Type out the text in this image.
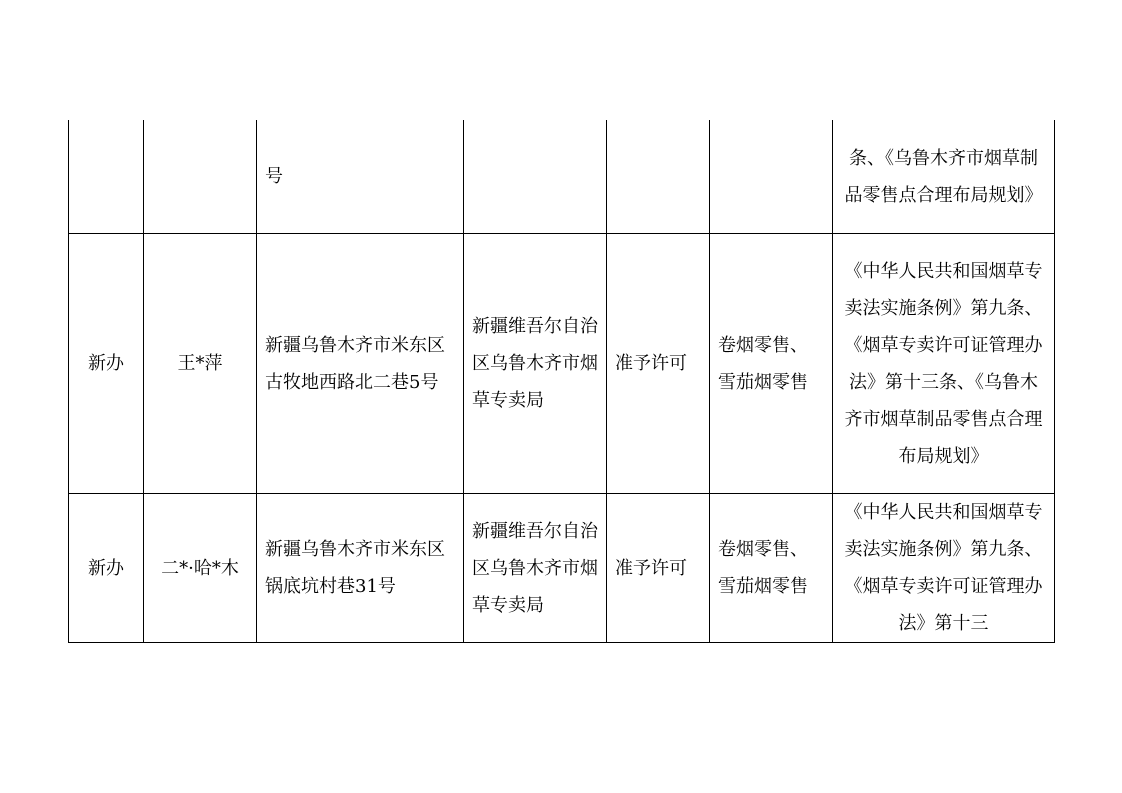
		号				条、《乌鲁木齐市烟草制品零售点合理布局规划》
新办	王*萍	新疆乌鲁木齐市米东区古牧地西路北二巷5号	新疆维吾尔自治区乌鲁木齐市烟草专卖局	准予许可	卷烟零售、雪茄烟零售	《中华人民共和国烟草专卖法实施条例》第九条、《烟草专卖许可证管理办法》第十三条、《乌鲁木齐市烟草制品零售点合理布局规划》
新办	二*·哈*木	新疆乌鲁木齐市米东区锅底坑村巷31号	新疆维吾尔自治区乌鲁木齐市烟草专卖局	准予许可	卷烟零售、雪茄烟零售	《中华人民共和国烟草专卖法实施条例》第九条、《烟草专卖许可证管理办法》第十三
